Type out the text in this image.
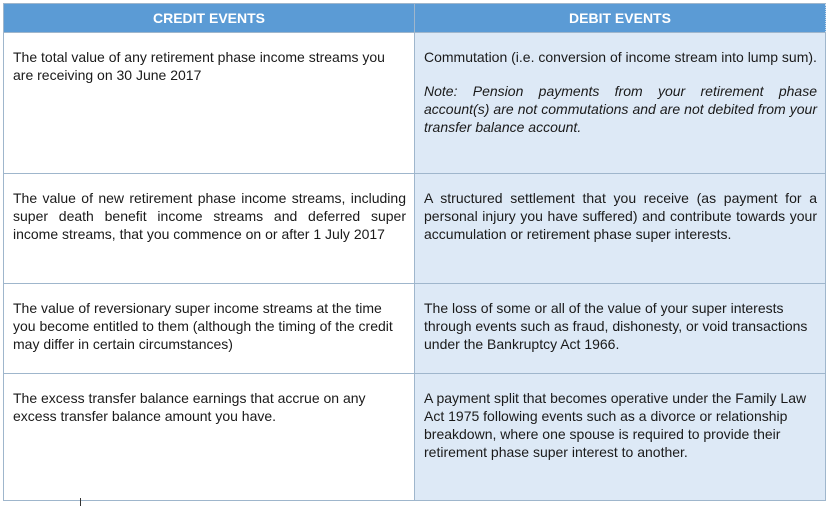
CREDIT EVENTS	DEBIT EVENTS
The total value of any retirement phase income streams you are receiving on 30 June 2017	Commutation (i.e. conversion of income stream into lump sum).

Note: Pension payments from your retirement phase account(s) are not commutations and are not debited from your transfer balance account.

The value of new retirement phase income streams, including super death benefit income streams and deferred super income streams, that you commence on or after 1 July 2017	A structured settlement that you receive (as payment for a personal injury you have suffered) and contribute towards your accumulation or retirement phase super interests.
The value of reversionary super income streams at the time you become entitled to them (although the timing of the credit may differ in certain circumstances)	The loss of some or all of the value of your super interests through events such as fraud, dishonesty, or void transactions under the Bankruptcy Act 1966.
The excess transfer balance earnings that accrue on any excess transfer balance amount you have.	A payment split that becomes operative under the Family Law Act 1975 following events such as a divorce or relationship breakdown, where one spouse is required to provide their retirement phase super interest to another.
